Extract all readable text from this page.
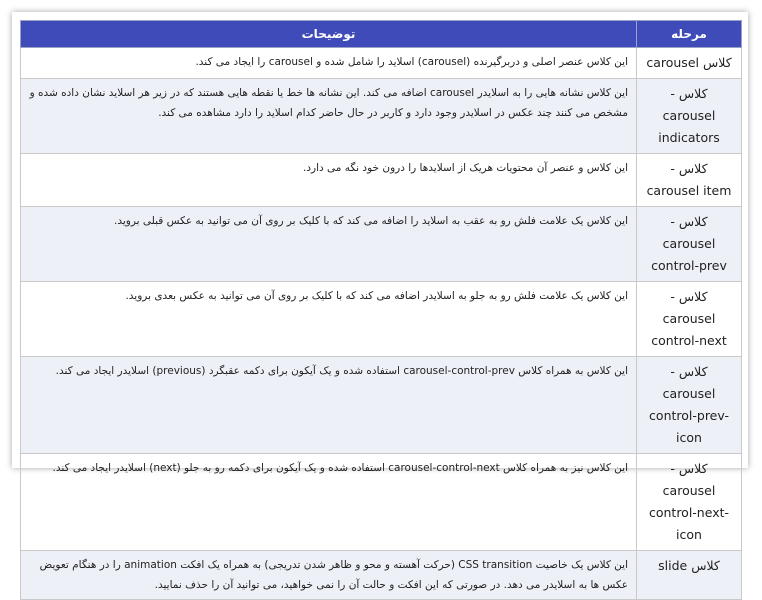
مرحله	توضیحات
کلاس carousel	این کلاس عنصر اصلی و دربرگیرنده (carousel) اسلاید را شامل شده و carousel را ایجاد می کند.
کلاس -carousel indicators	این کلاس نشانه هایی را به اسلایدر carousel اضافه می کند. این نشانه ها خط یا نقطه هایی هستند که در زیر هر اسلاید نشان داده شده و مشخص می کنند چند عکس در اسلایدر وجود دارد و کاربر در حال حاضر کدام اسلاید را دارد مشاهده می کند.
کلاس -carousel item	این کلاس و عنصر آن محتویات هریک از اسلایدها را درون خود نگه می دارد.
کلاس -carousel control-prev	این کلاس یک علامت فلش رو به عقب به اسلاید را اضافه می کند که با کلیک بر روی آن می توانید به عکس قبلی بروید.
کلاس -carousel control-next	این کلاس یک علامت فلش رو به جلو به اسلایدر اضافه می کند که با کلیک بر روی آن می توانید به عکس بعدی بروید.
کلاس -carousel control-prev-icon	این کلاس به همراه کلاس carousel-control-prev استفاده شده و یک آیکون برای دکمه عقبگرد (previous) اسلایدر ایجاد می کند.
کلاس -carousel control-next-icon	این کلاس نیز به همراه کلاس carousel-control-next استفاده شده و یک آیکون برای دکمه رو به جلو (next) اسلایدر ایجاد می کند.
کلاس slide	این کلاس یک خاصیت CSS transition (حرکت آهسته و محو و ظاهر شدن تدریجی) به همراه یک افکت animation را در هنگام تعویض عکس ها به اسلایدر می دهد. در صورتی که این افکت و حالت آن را نمی خواهید، می توانید آن را حذف نمایید.
